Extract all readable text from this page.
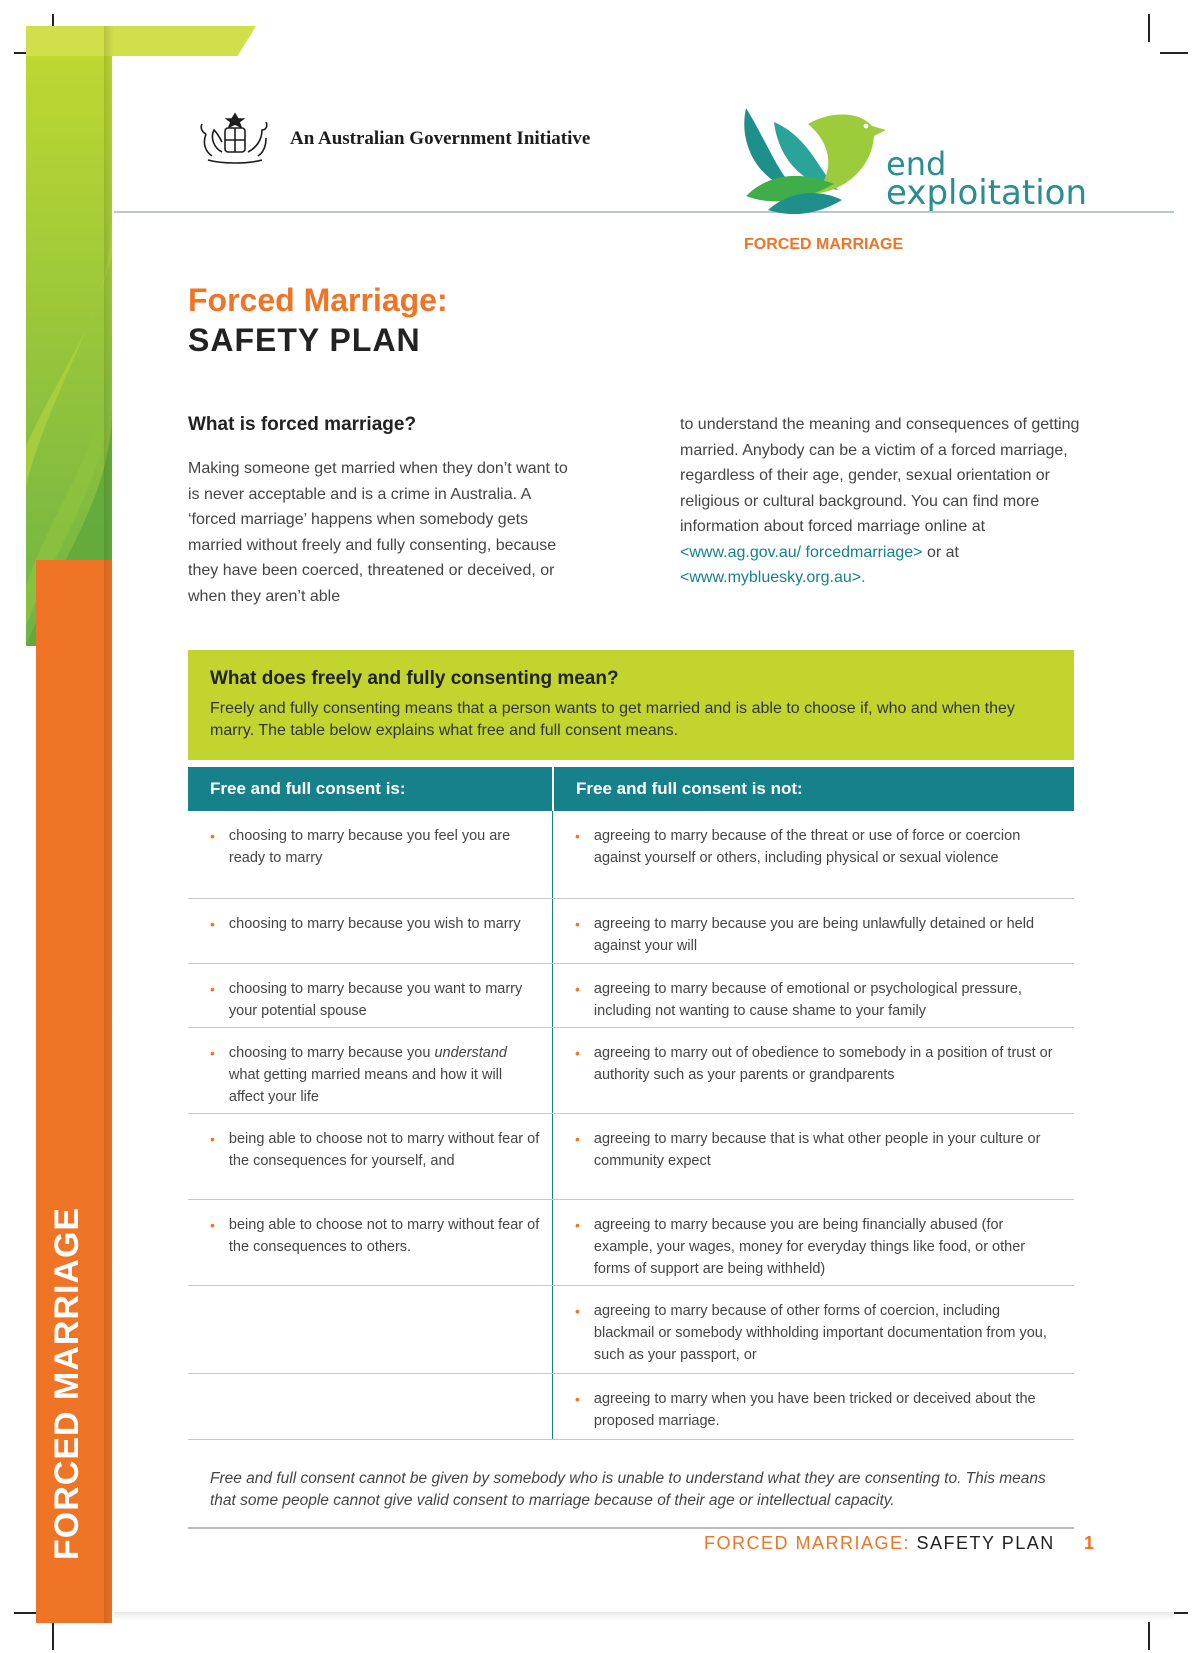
FORCED MARRIAGE
An Australian Government Initiative
end
exploitation
FORCED MARRIAGE
Forced Marriage:
SAFETY PLAN
What is forced marriage?
Making someone get married when they don’t want to is never acceptable and is a crime in Australia. A ‘forced marriage’ happens when somebody gets married without freely and fully consenting, because they have been coerced, threatened or deceived, or when they aren’t able
to understand the meaning and consequences of getting married. Anybody can be a victim of a forced marriage, regardless of their age, gender, sexual orientation or religious or cultural background. You can find more information about forced marriage online at <www.ag.gov.au/ forcedmarriage> or at <www.mybluesky.org.au>.
What does freely and fully consenting mean?
Freely and fully consenting means that a person wants to get married and is able to choose if, who and when they marry. The table below explains what free and full consent means.
Free and full consent is:	Free and full consent is not:
• choosing to marry because you feel you are ready to marry
• agreeing to marry because of the threat or use of force or coercion against yourself or others, including physical or sexual violence
• choosing to marry because you wish to marry	• agreeing to marry because you are being unlawfully detained or held against your will
• choosing to marry because you want to marry your potential spouse
• agreeing to marry because of emotional or psychological pressure, including not wanting to cause shame to your family
• choosing to marry because you understand what getting married means and how it will affect your life
• agreeing to marry out of obedience to somebody in a position of trust or authority such as your parents or grandparents
• being able to choose not to marry without fear of the consequences for yourself, and
• agreeing to marry because that is what other people in your culture or community expect
• being able to choose not to marry without fear of the consequences to others.
• agreeing to marry because you are being financially abused (for example, your wages, money for everyday things like food, or other forms of support are being withheld)
• agreeing to marry because of other forms of coercion, including blackmail or somebody withholding important documentation from you, such as your passport, or
• agreeing to marry when you have been tricked or deceived about the proposed marriage.
Free and full consent cannot be given by somebody who is unable to understand what they are consenting to. This means that some people cannot give valid consent to marriage because of their age or intellectual capacity.
FORCED MARRIAGE: SAFETY PLAN 1
